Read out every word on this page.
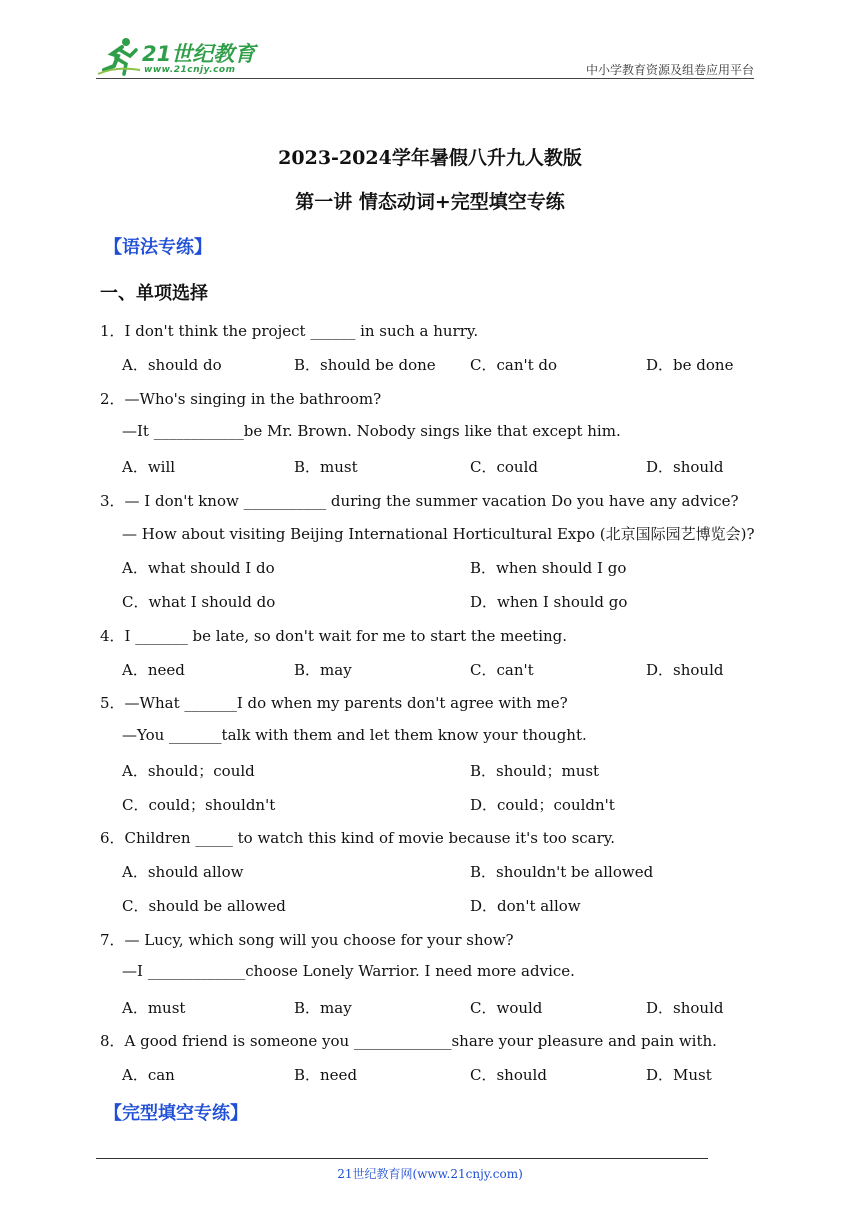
21世纪教育
www.21cnjy.com	中小学教育资源及组卷应用平台
2023-2024学年暑假八升九人教版
第一讲 情态动词+完型填空专练
【语法专练】
一、单项选择
1．I don't think the project ______ in such a hurry.
A．should do	B．should be done C．can't do	D．be done
2．—Who's singing in the bathroom?
—It ____________be Mr. Brown. Nobody sings like that except him.
A．will	B．must	C．could	D．should
3．— I don't know ___________ during the summer vacation Do you have any advice?
— How about visiting Beijing International Horticultural Expo (北京国际园艺博览会)?
A．what should I do	B．when should I go
C．what I should do	D．when I should go
4．I _______ be late, so don't wait for me to start the meeting.
A．need	B．may	C．can't	D．should
5．—What _______I do when my parents don't agree with me?
—You _______talk with them and let them know your thought.
A．should；could	B．should；must
C．could；shouldn't	D．could；couldn't
6．Children _____ to watch this kind of movie because it's too scary.
A．should allow	B．shouldn't be allowed
C．should be allowed	D．don't allow
7．— Lucy, which song will you choose for your show?
—I _____________choose Lonely Warrior. I need more advice.
A．must	B．may	C．would	D．should
8．A good friend is someone you _____________share your pleasure and pain with.
A．can	B．need	C．should	D．Must
【完型填空专练】
21世纪教育网(www.21cnjy.com)
